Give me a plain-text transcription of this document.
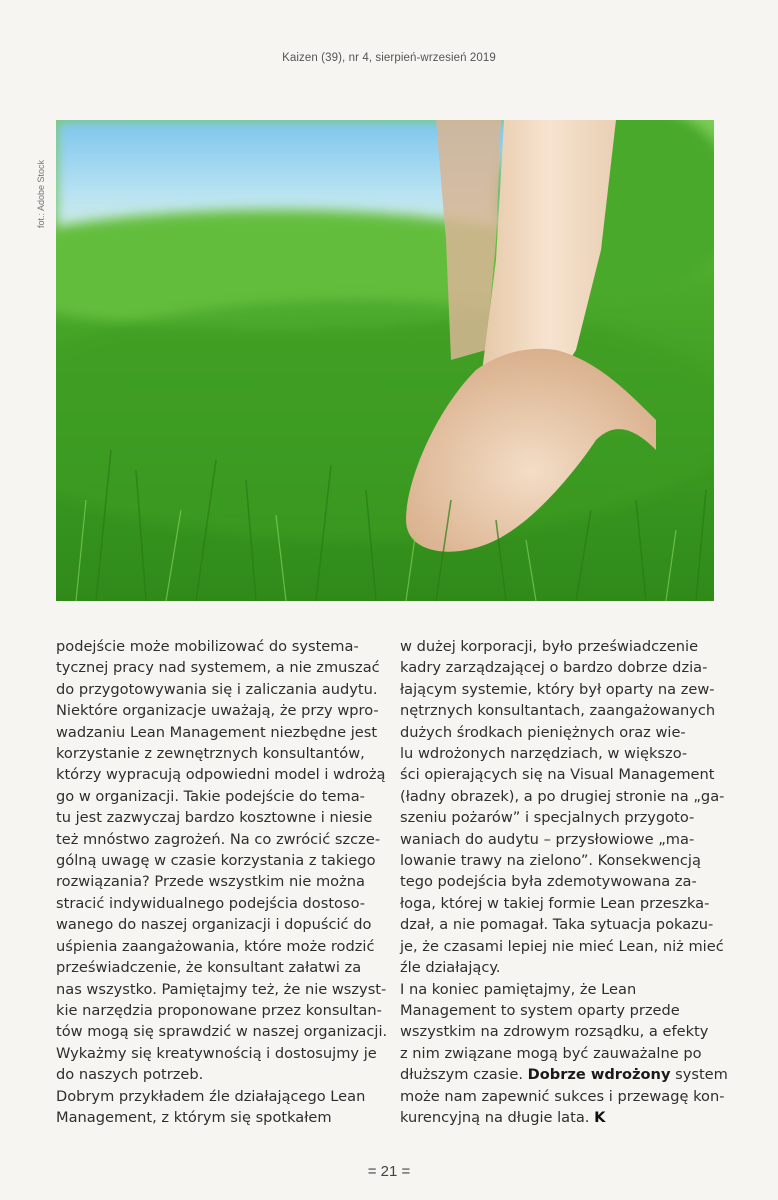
Kaizen (39), nr 4, sierpień-wrzesień 2019
fot.: Adobe Stock
podejście może mobilizować do systema-
tycznej pracy nad systemem, a nie zmuszać
do przygotowywania się i zaliczania audytu.
Niektóre organizacje uważają, że przy wpro-
wadzaniu Lean Management niezbędne jest
korzystanie z zewnętrznych konsultantów,
którzy wypracują odpowiedni model i wdrożą
go w organizacji. Takie podejście do tema-
tu jest zazwyczaj bardzo kosztowne i niesie
też mnóstwo zagrożeń. Na co zwrócić szcze-
gólną uwagę w czasie korzystania z takiego
rozwiązania? Przede wszystkim nie można
stracić indywidualnego podejścia dostoso-
wanego do naszej organizacji i dopuścić do
uśpienia zaangażowania, które może rodzić
przeświadczenie, że konsultant załatwi za
nas wszystko. Pamiętajmy też, że nie wszyst-
kie narzędzia proponowane przez konsultan-
tów mogą się sprawdzić w naszej organizacji.
Wykażmy się kreatywnością i dostosujmy je
do naszych potrzeb.
Dobrym przykładem źle działającego Lean
Management, z którym się spotkałem
w dużej korporacji, było przeświadczenie
kadry zarządzającej o bardzo dobrze dzia-
łającym systemie, który był oparty na zew-
nętrznych konsultantach, zaangażowanych
dużych środkach pieniężnych oraz wie-
lu wdrożonych narzędziach, w większo-
ści opierających się na Visual Management
(ładny obrazek), a po drugiej stronie na „ga-
szeniu pożarów” i specjalnych przygoto-
waniach do audytu – przysłowiowe „ma-
lowanie trawy na zielono”. Konsekwencją
tego podejścia była zdemotywowana za-
łoga, której w takiej formie Lean przeszka-
dzał, a nie pomagał. Taka sytuacja pokazu-
je, że czasami lepiej nie mieć Lean, niż mieć
źle działający.
I na koniec pamiętajmy, że Lean
Management to system oparty przede
wszystkim na zdrowym rozsądku, a efekty
z nim związane mogą być zauważalne po
dłuższym czasie. Dobrze wdrożony system
może nam zapewnić sukces i przewagę kon-
kurencyjną na długie lata. K
= 21 =
